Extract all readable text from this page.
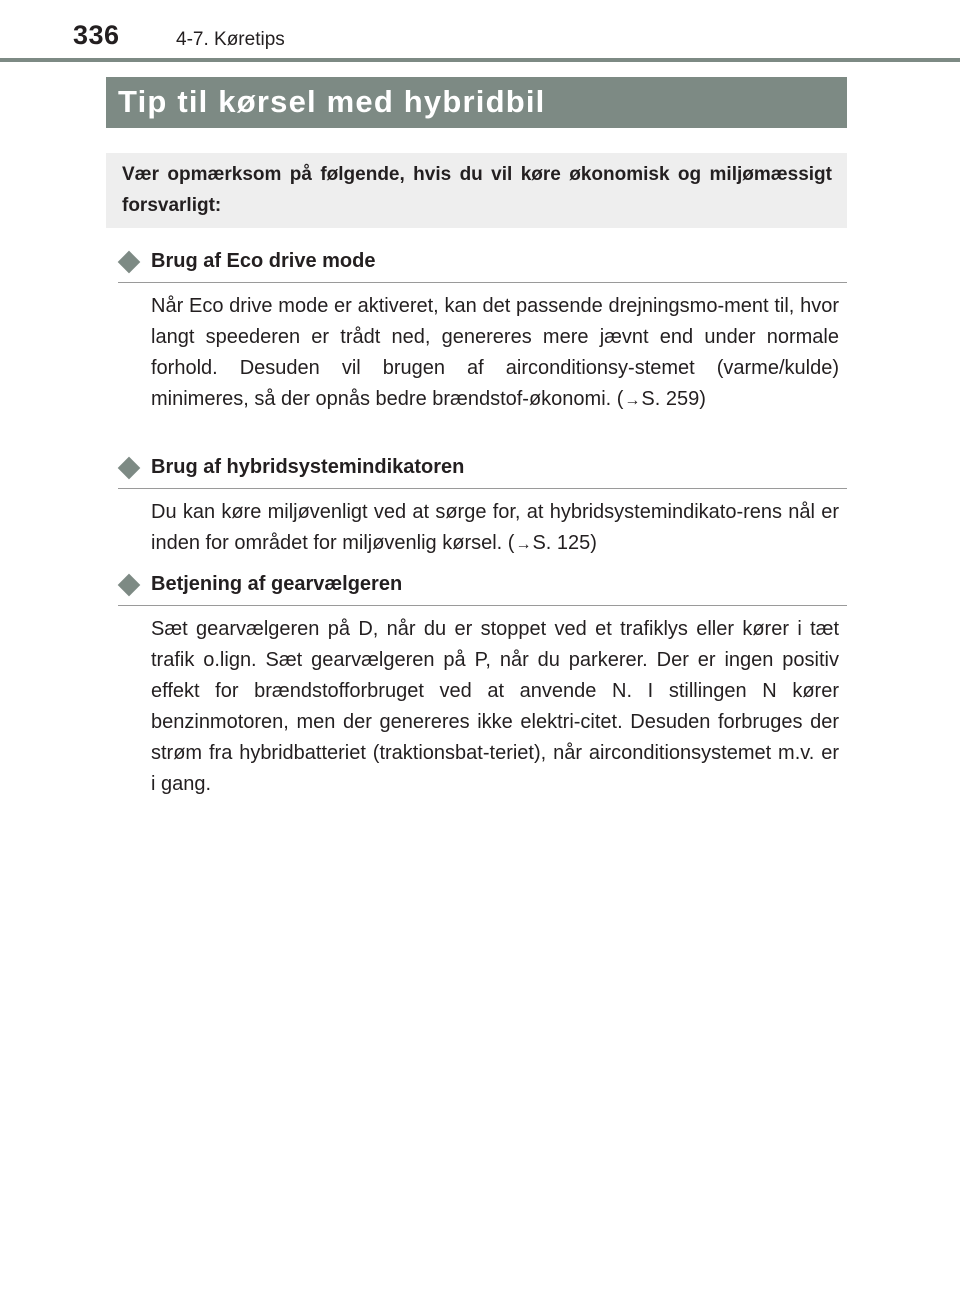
336	4-7. Køretips
Tip til kørsel med hybridbil
Vær opmærksom på følgende, hvis du vil køre økonomisk og miljømæssigt forsvarligt:
Brug af Eco drive mode
Når Eco drive mode er aktiveret, kan det passende drejningsmo-ment til, hvor langt speederen er trådt ned, genereres mere jævnt end under normale forhold. Desuden vil brugen af airconditionsy-stemet (varme/kulde) minimeres, så der opnås bedre brændstof-økonomi. (→S. 259)
Brug af hybridsystemindikatoren
Du kan køre miljøvenligt ved at sørge for, at hybridsystemindikato-rens nål er inden for området for miljøvenlig kørsel. (→S. 125)
Betjening af gearvælgeren
Sæt gearvælgeren på D, når du er stoppet ved et trafiklys eller kører i tæt trafik o.lign. Sæt gearvælgeren på P, når du parkerer. Der er ingen positiv effekt for brændstofforbruget ved at anvende N. I stillingen N kører benzinmotoren, men der genereres ikke elektri-citet. Desuden forbruges der strøm fra hybridbatteriet (traktionsbat-teriet), når airconditionsystemet m.v. er i gang.
